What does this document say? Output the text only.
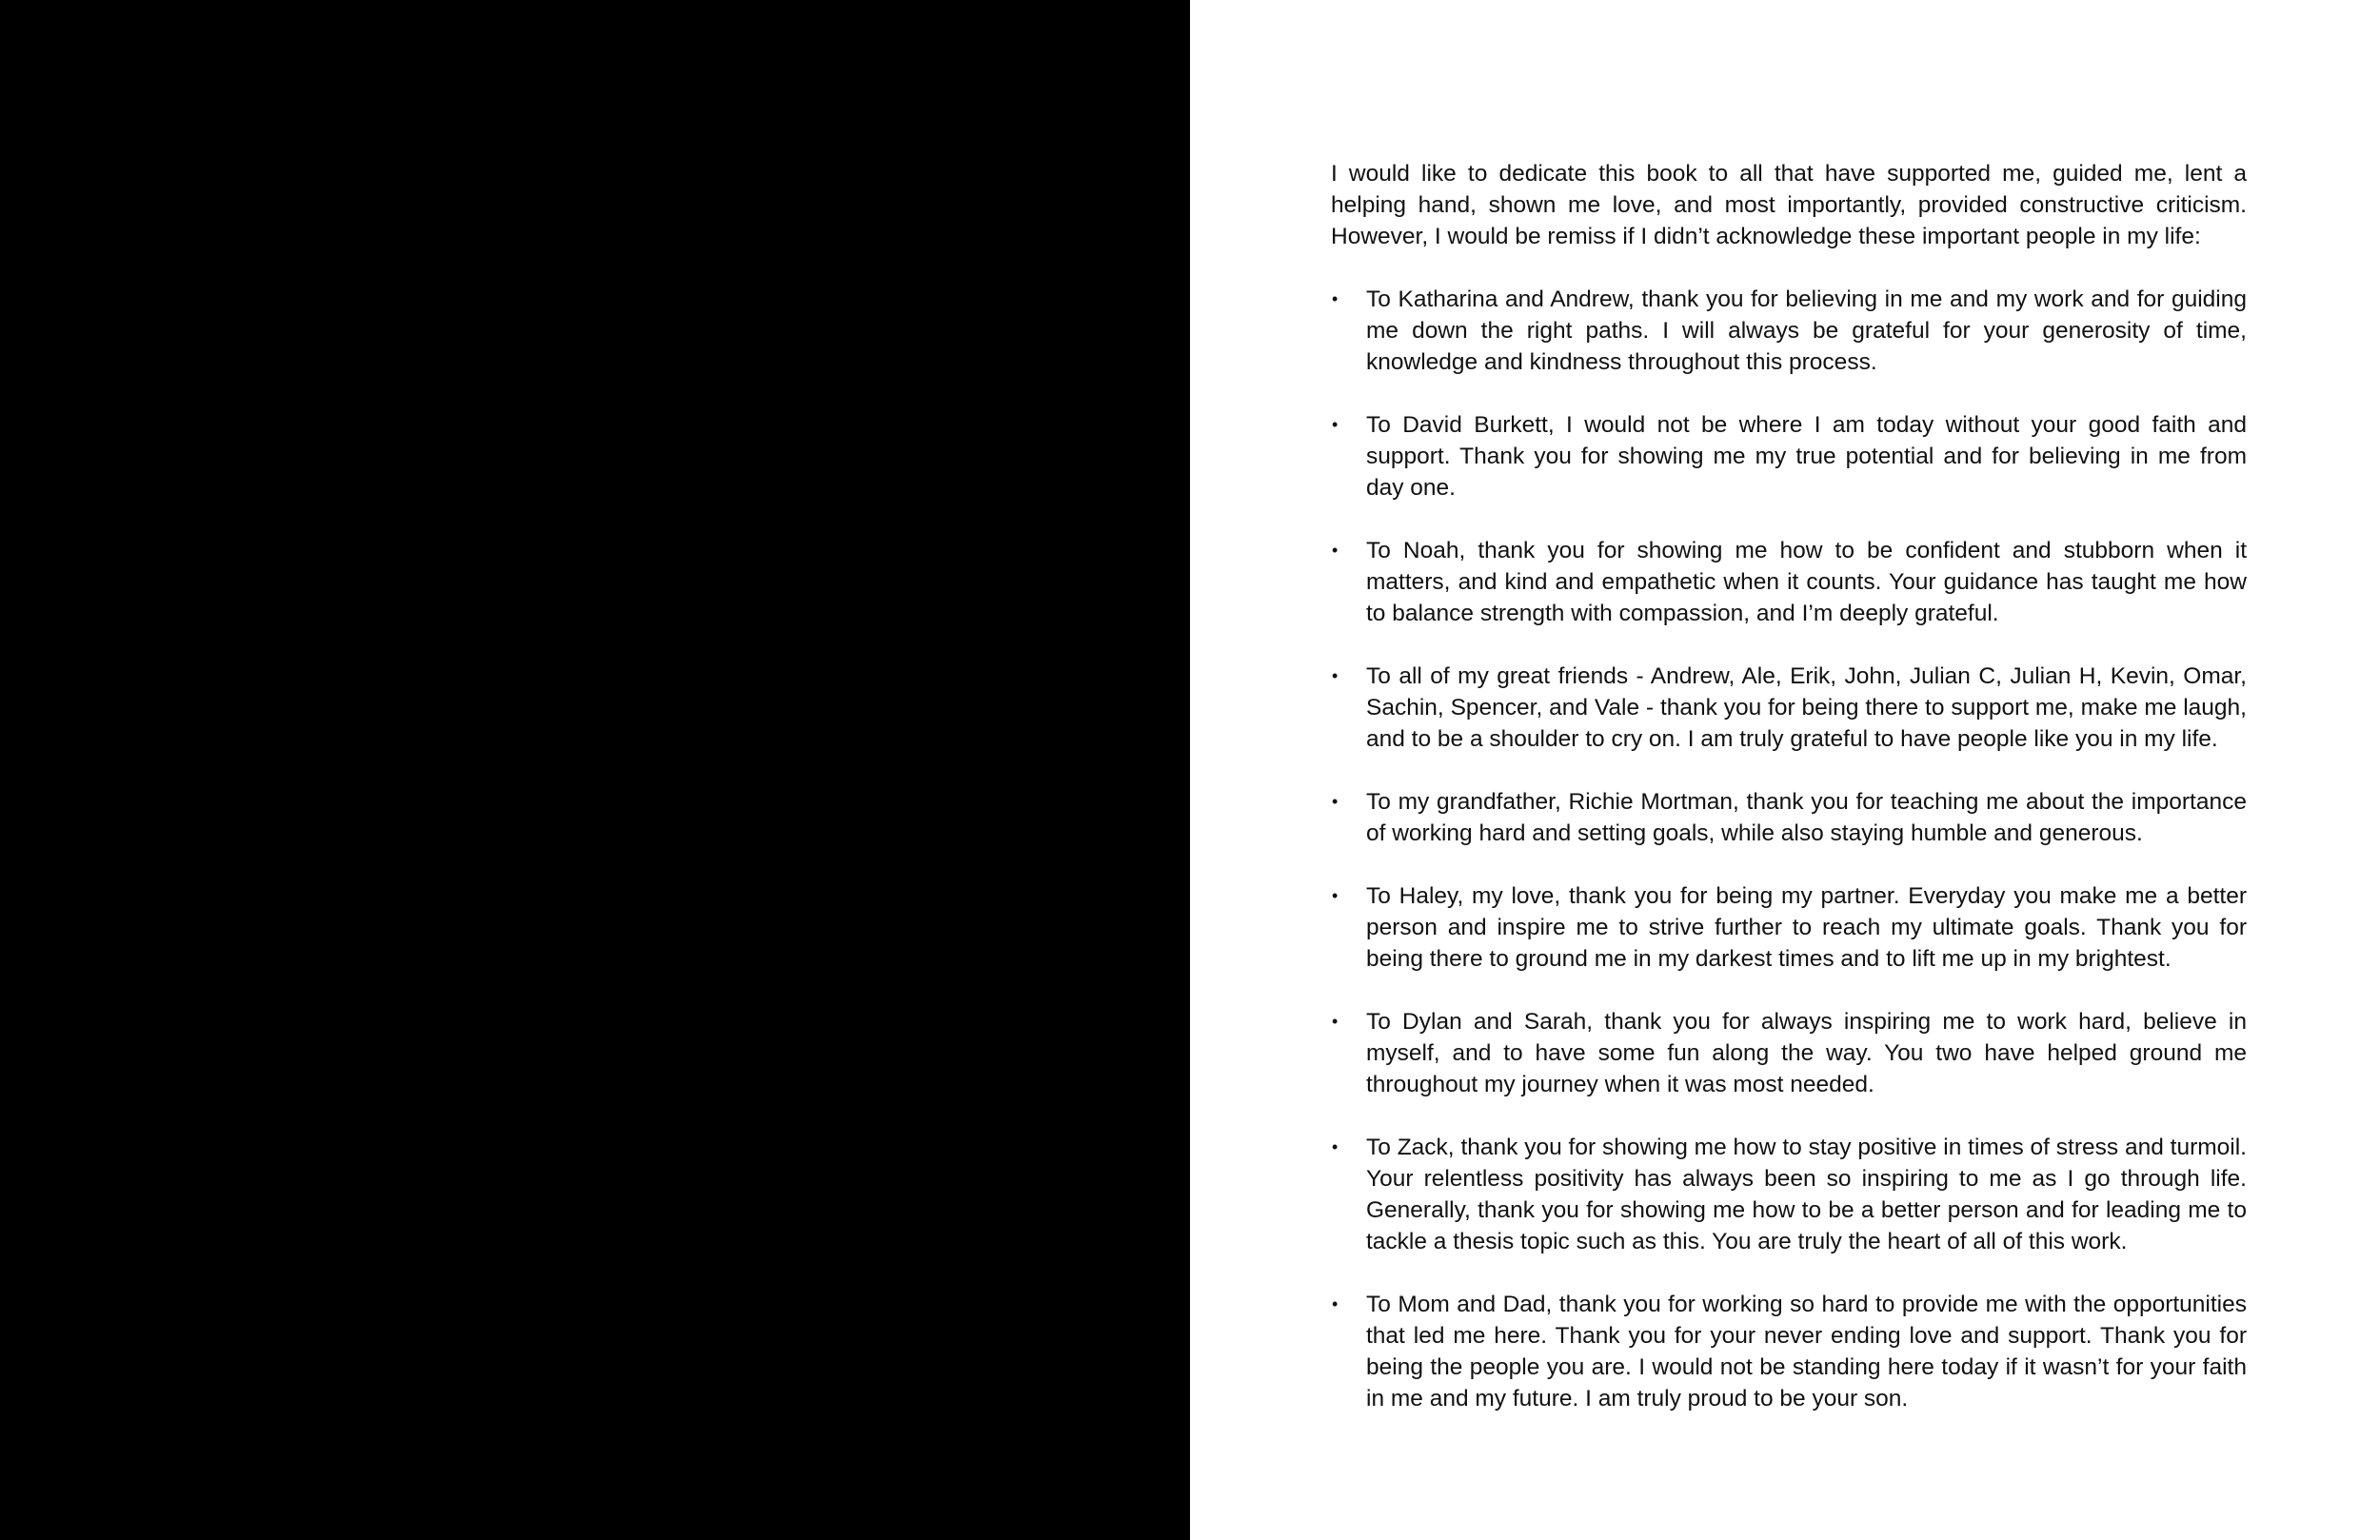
I would like to dedicate this book to all that have supported me, guided me, lent a helping hand, shown me love, and most importantly, provided constructive criticism. However, I would be remiss if I didn’t acknowledge these important people in my life:

• To Katharina and Andrew, thank you for believing in me and my work and for guiding me down the right paths. I will always be grateful for your generosity of time, knowledge and kindness throughout this process.
• To David Burkett, I would not be where I am today without your good faith and support. Thank you for showing me my true potential and for believing in me from day one.
• To Noah, thank you for showing me how to be confident and stubborn when it matters, and kind and empathetic when it counts. Your guidance has taught me how to balance strength with compassion, and I’m deeply grateful.
• To all of my great friends - Andrew, Ale, Erik, John, Julian C, Julian H, Kevin, Omar, Sachin, Spencer, and Vale - thank you for being there to support me, make me laugh, and to be a shoulder to cry on. I am truly grateful to have people like you in my life.
• To my grandfather, Richie Mortman, thank you for teaching me about the importance of working hard and setting goals, while also staying humble and generous.
• To Haley, my love, thank you for being my partner. Everyday you make me a better person and inspire me to strive further to reach my ultimate goals. Thank you for being there to ground me in my darkest times and to lift me up in my brightest.
• To Dylan and Sarah, thank you for always inspiring me to work hard, believe in myself, and to have some fun along the way. You two have helped ground me throughout my journey when it was most needed.
• To Zack, thank you for showing me how to stay positive in times of stress and turmoil. Your relentless positivity has always been so inspiring to me as I go through life. Generally, thank you for showing me how to be a better person and for leading me to tackle a thesis topic such as this. You are truly the heart of all of this work.
• To Mom and Dad, thank you for working so hard to provide me with the opportunities that led me here. Thank you for your never ending love and support. Thank you for being the people you are. I would not be standing here today if it wasn’t for your faith in me and my future. I am truly proud to be your son.
